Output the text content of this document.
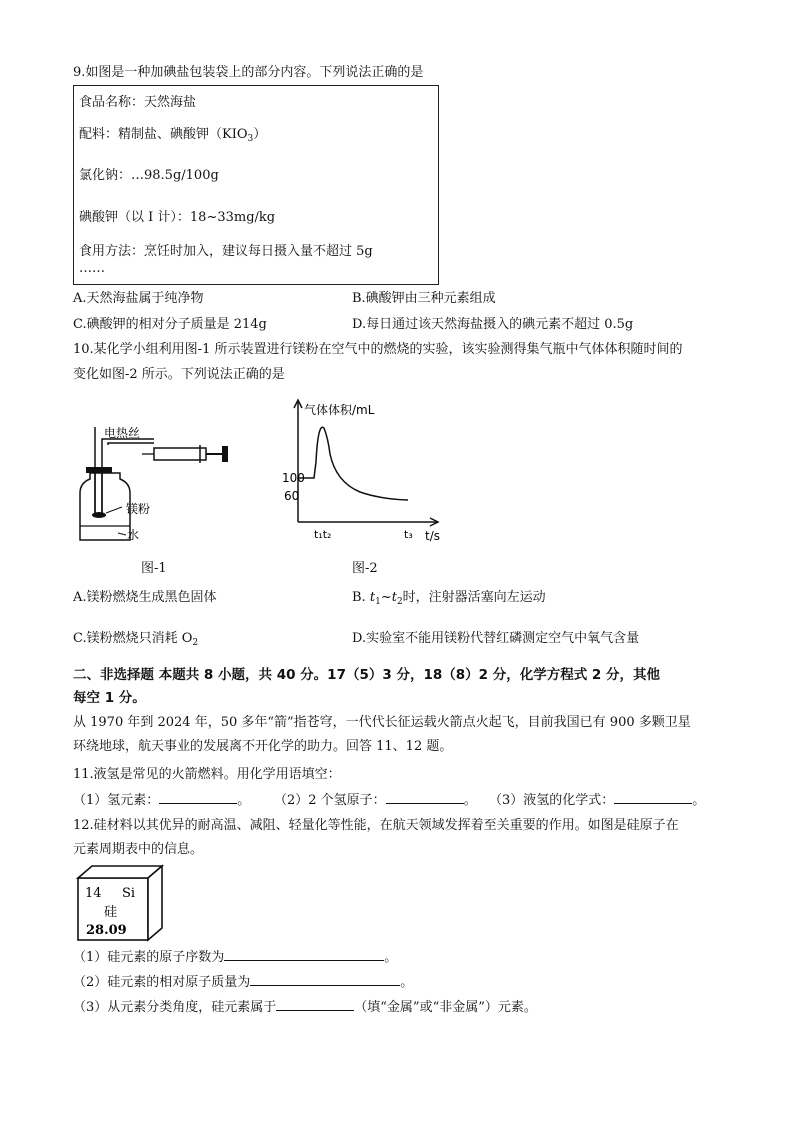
9.如图是一种加碘盐包装袋上的部分内容。下列说法正确的是
食品名称：天然海盐
配料：精制盐、碘酸钾$(KIO_3)$
氯化钠：…98.5g/100g
碘酸钾（以 I 计）：18~33mg/kg
食用方法：烹饪时加入，建议每日摄入量不超过 5g
……
A.天然海盐属于纯净物	B.碘酸钾由三种元素组成
C.碘酸钾的相对分子质量是 214g	D.每日通过该天然海盐摄入的碘元素不超过 0.5g
10.某化学小组利用图-1 所示装置进行镁粉在空气中的燃烧的实验，该实验测得集气瓶中气体体积随时间的
变化如图-2 所示。下列说法正确的是
电热丝
镁粉
水
图-1
100
60
气体体积/mL
t₁t₂	t₃ t/s
图-2
A.镁粉燃烧生成黑色固体	B. $t_1\sim t_2$时，注射器活塞向左运动
C.镁粉燃烧只消耗 $O_2$	D.实验室不能用镁粉代替红磷测定空气中氧气含量
二、非选择题 本题共 8 小题，共 40 分。17（5）3 分，18（8）2 分，化学方程式 2 分，其他
每空 1 分。
从 1970 年到 2024 年，50 多年“箭”指苍穹，一代代长征运载火箭点火起飞，目前我国已有 900 多颗卫星
环绕地球，航天事业的发展离不开化学的助力。回答 11、12 题。
11.液氢是常见的火箭燃料。用化学用语填空：
（1）氢元素：	。 （2）2 个氢原子：	。 （3）液氢的化学式：	。
12.硅材料以其优异的耐高温、减阻、轻量化等性能，在航天领域发挥着至关重要的作用。如图是硅原子在
元素周期表中的信息。
14 Si
硅
28.09
（1）硅元素的原子序数为	。
（2）硅元素的相对原子质量为	。
（3）从元素分类角度，硅元素属于	（填“金属”或“非金属”）元素。
